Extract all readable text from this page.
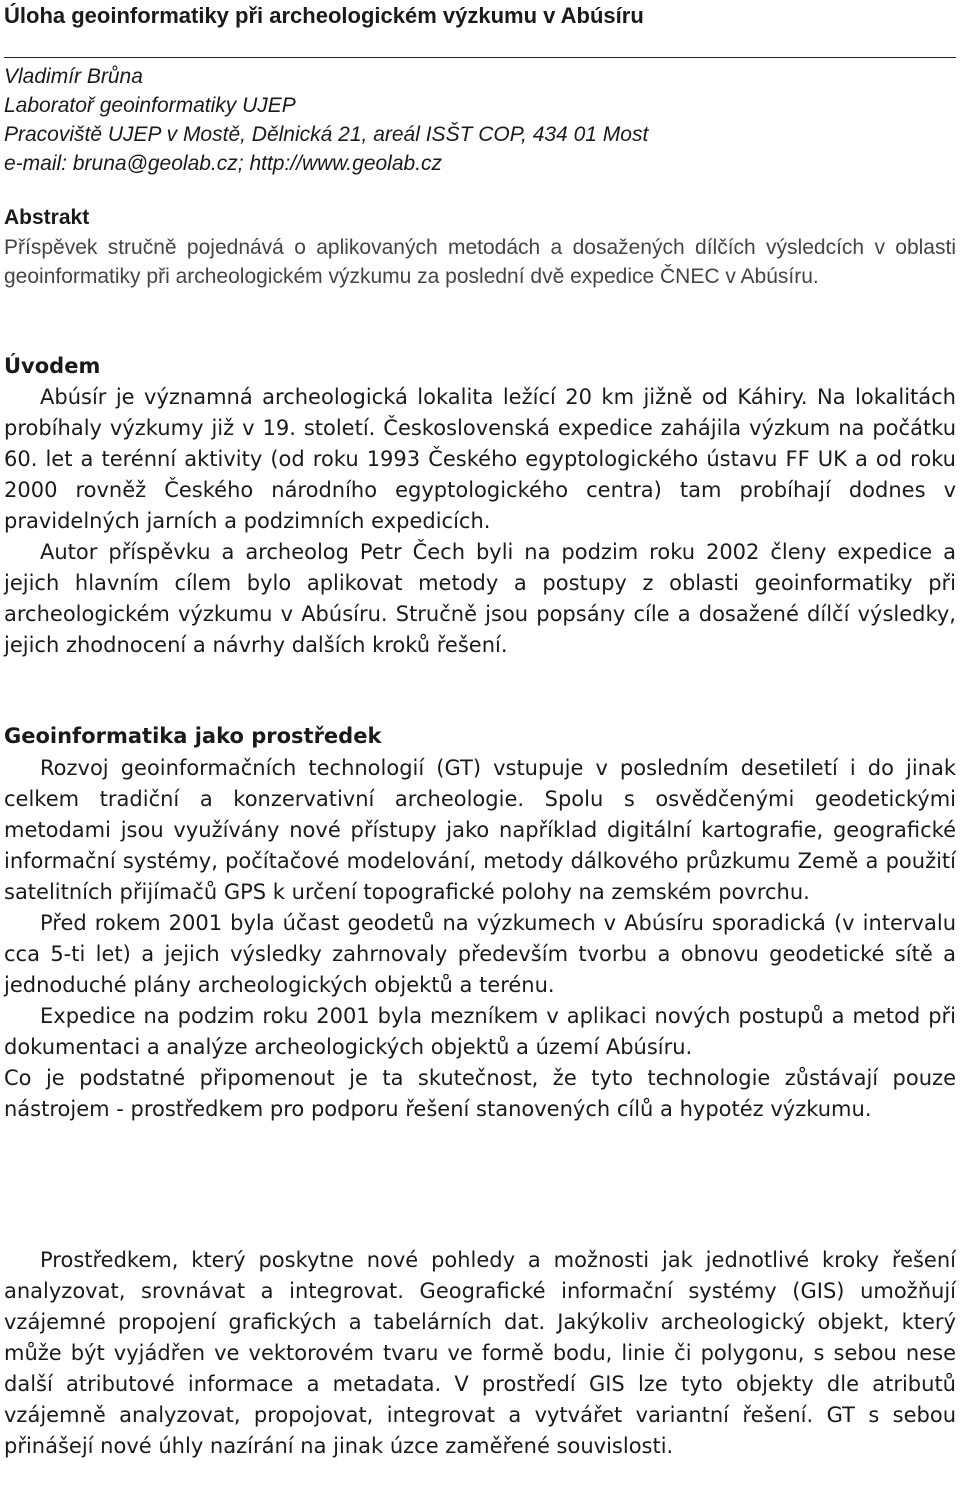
Úloha geoinformatiky při archeologickém výzkumu v Abúsíru
Vladimír Brůna
Laboratoř geoinformatiky UJEP
Pracoviště UJEP v Mostě, Dělnická 21, areál ISŠT COP, 434 01 Most
e-mail: bruna@geolab.cz; http://www.geolab.cz
Abstrakt

Příspěvek stručně pojednává o aplikovaných metodách a dosažených dílčích výsledcích v oblasti geoinformatiky při archeologickém výzkumu za poslední dvě expedice ČNEC v Abúsíru.

Úvodem

Abúsír je významná archeologická lokalita ležící 20 km jižně od Káhiry. Na lokalitách probíhaly výzkumy již v 19. století. Československá expedice zahájila výzkum na počátku 60. let a terénní aktivity (od roku 1993 Českého egyptologického ústavu FF UK a od roku 2000 rovněž Českého národního egyptologického centra) tam probíhají dodnes v pravidelných jarních a podzimních expedicích.

Autor příspěvku a archeolog Petr Čech byli na podzim roku 2002 členy expedice a jejich hlavním cílem bylo aplikovat metody a postupy z oblasti geoinformatiky při archeologickém výzkumu v Abúsíru. Stručně jsou popsány cíle a dosažené dílčí výsledky, jejich zhodnocení a návrhy dalších kroků řešení.

Geoinformatika jako prostředek

Rozvoj geoinformačních technologií (GT) vstupuje v posledním desetiletí i do jinak celkem tradiční a konzervativní archeologie. Spolu s osvědčenými geodetickými metodami jsou využívány nové přístupy jako například digitální kartografie, geografické informační systémy, počítačové modelování, metody dálkového průzkumu Země a použití satelitních přijímačů GPS k určení topografické polohy na zemském povrchu.

Před rokem 2001 byla účast geodetů na výzkumech v Abúsíru sporadická (v intervalu cca 5-ti let) a jejich výsledky zahrnovaly především tvorbu a obnovu geodetické sítě a jednoduché plány archeologických objektů a terénu.

Expedice na podzim roku 2001 byla mezníkem v aplikaci nových postupů a metod při dokumentaci a analýze archeologických objektů a území Abúsíru.

Co je podstatné připomenout je ta skutečnost, že tyto technologie zůstávají pouze nástrojem - prostředkem pro podporu řešení stanovených cílů a hypotéz výzkumu.

Prostředkem, který poskytne nové pohledy a možnosti jak jednotlivé kroky řešení analyzovat, srovnávat a integrovat. Geografické informační systémy (GIS) umožňují vzájemné propojení grafických a tabelárních dat. Jakýkoliv archeologický objekt, který může být vyjádřen ve vektorovém tvaru ve formě bodu, linie či polygonu, s sebou nese další atributové informace a metadata. V prostředí GIS lze tyto objekty dle atributů vzájemně analyzovat, propojovat, integrovat a vytvářet variantní řešení. GT s sebou přinášejí nové úhly nazírání na jinak úzce zaměřené souvislosti.
